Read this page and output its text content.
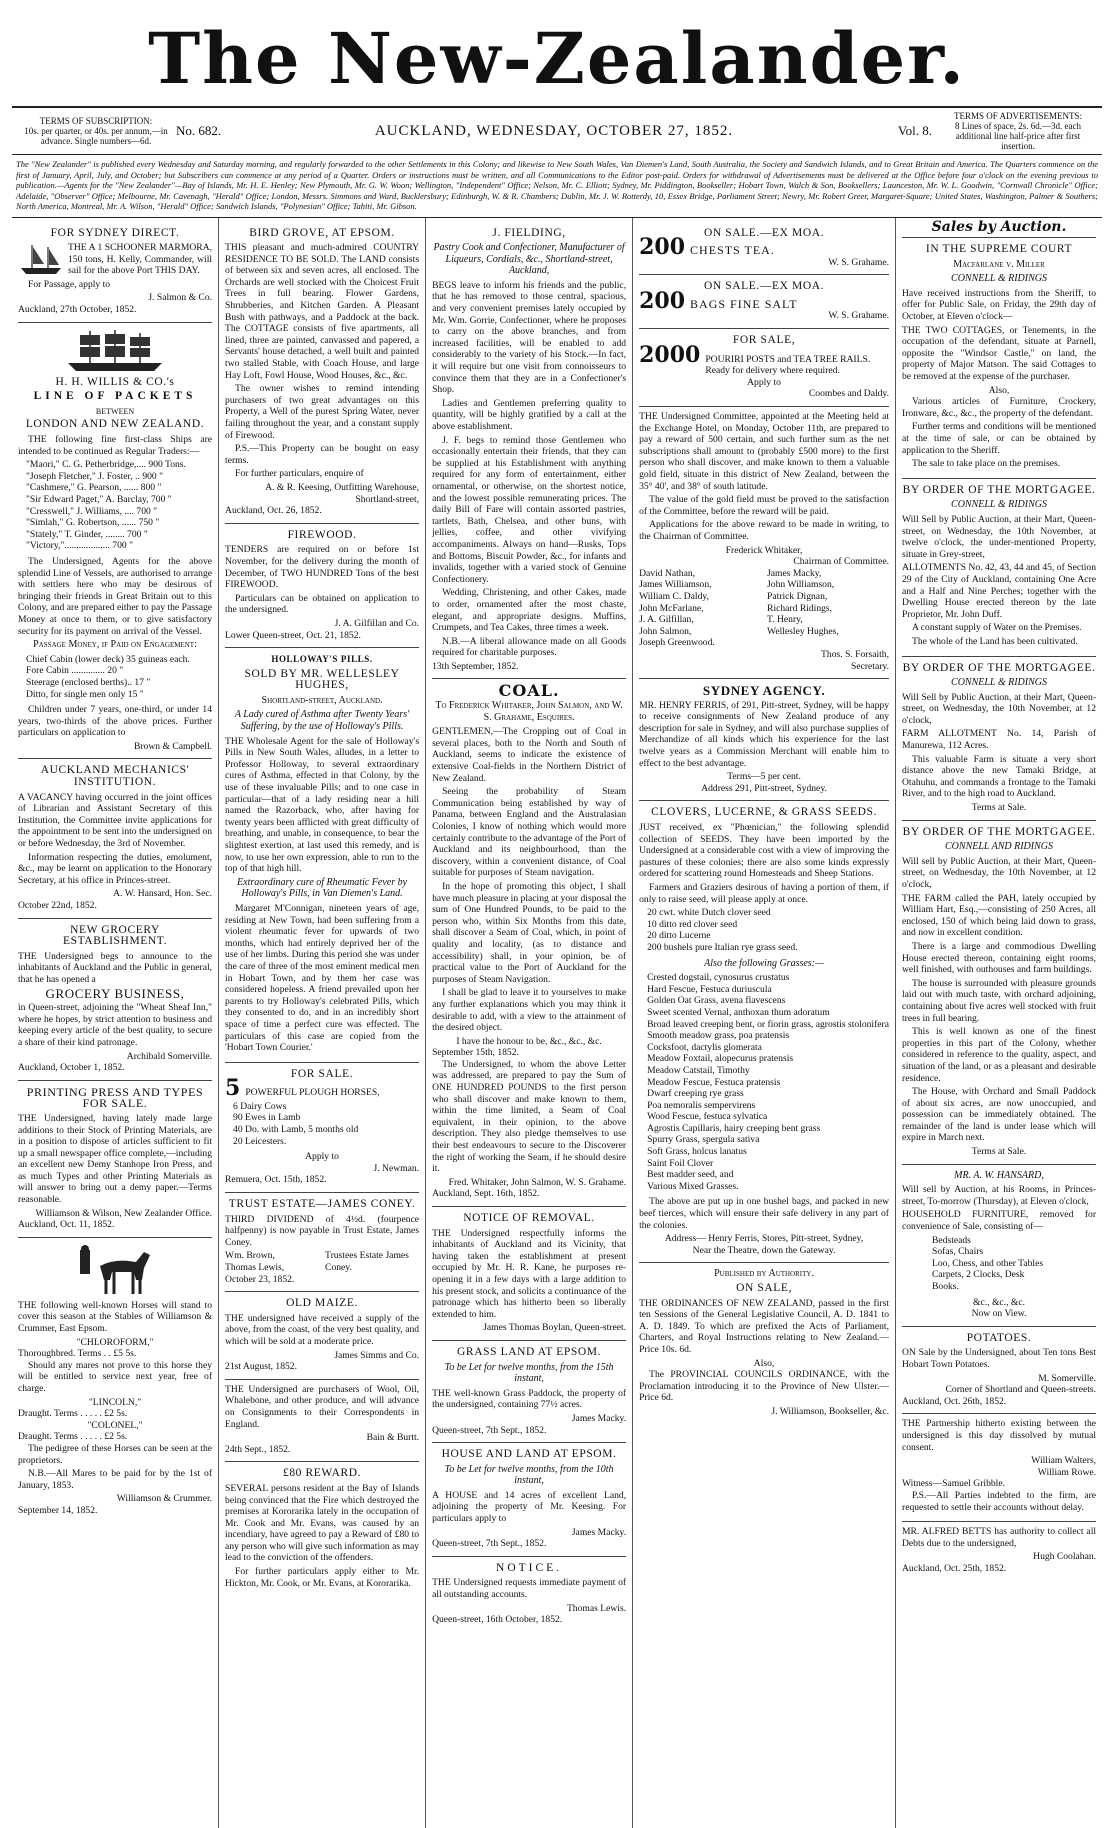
The New-Zealander.
TERMS OF SUBSCRIPTION:
10s. per quarter, or 40s. per annum,—in advance. Single numbers—6d.
No. 682.	AUCKLAND, WEDNESDAY, OCTOBER 27, 1852.	Vol. 8.
TERMS OF ADVERTISEMENTS:
8 Lines of space, 2s. 6d.—3d. each additional line half-price after first insertion.
The "New Zealander" is published every Wednesday and Saturday morning, and regularly forwarded to the other Settlements in this Colony; and likewise to New South Wales, Van Diemen's Land, South Australia, the Society and Sandwich Islands, and to Great Britain and America. The Quarters commence on the first of January, April, July, and October; but Subscribers can commence at any period of a Quarter. Orders or instructions must be written, and all Communications to the Editor post-paid. Orders for withdrawal of Advertisements must be delivered at the Office before four o'clock on the evening previous to publication.—Agents for the "New Zealander"—Bay of Islands, Mr. H. E. Henley; New Plymouth, Mr. G. W. Woon; Wellington, "Independent" Office; Nelson, Mr. C. Elliott; Sydney, Mr. Piddington, Bookseller; Hobart Town, Walch & Son, Booksellers; Launceston, Mr. W. L. Goodwin, "Cornwall Chronicle" Office; Adelaide, "Observer" Office; Melbourne, Mr. Cavenagh, "Herald" Office; London, Messrs. Simmons and Ward, Bucklersbury; Edinburgh, W. & R. Chambers; Dublin, Mr. J. W. Rotterdy, 10, Essex Bridge, Parliament Street; Newry, Mr. Robert Greer, Margaret-Square; United States, Washington, Palmer & Southers; North America, Montreal, Mr. A. Wilson, "Herald" Office; Sandwich Islands, "Polynesian" Office; Tahiti, Mr. Gibson.
FOR SYDNEY DIRECT.

THE A 1 SCHOONER MARMORA, 150 tons, H. Kelly, Commander, will sail for the above Port THIS DAY.

For Passage, apply to

J. Salmon & Co.
Auckland, 27th October, 1852.
H. H. WILLIS & CO.'s
LINE OF PACKETS
BETWEEN
LONDON AND NEW ZEALAND.

THE following fine first-class Ships are intended to be continued as Regular Traders:—

"Maori," C. G. Petherbridge,.... 900 Tons.
"Joseph Fletcher," J. Foster, .. 900 "
"Cashmere," G. Pearson, ...... 800 "
"Sir Edward Paget," A. Barclay, 700 "
"Cresswell," J. Williams, .... 700 "
"Simlah," G. Robertson, ...... 750 "
"Stately," T. Ginder, ........ 700 "
"Victory,"................... 700 "

The Undersigned, Agents for the above splendid Line of Vessels, are authorised to arrange with settlers here who may be desirous of bringing their friends in Great Britain out to this Colony, and are prepared either to pay the Passage Money at once to them, or to give satisfactory security for its payment on arrival of the Vessel.

Passage Money, if Paid on Engagement:
Chief Cabin (lower deck) 35 guineas each.
Fore Cabin .............. 20 "
Steerage (enclosed berths).. 17 "
Ditto, for single men only 15 "

Children under 7 years, one-third, or under 14 years, two-thirds of the above prices. Further particulars on application to

Brown & Campbell.
AUCKLAND MECHANICS' INSTITUTION.

A VACANCY having occurred in the joint offices of Librarian and Assistant Secretary of this Institution, the Committee invite applications for the appointment to be sent into the undersigned on or before Wednesday, the 3rd of November.

Information respecting the duties, emolument, &c., may be learnt on application to the Honorary Secretary, at his office in Princes-street.

A. W. Hansard, Hon. Sec.
October 22nd, 1852.
NEW GROCERY ESTABLISHMENT.

THE Undersigned begs to announce to the inhabitants of Auckland and the Public in general, that he has opened a

GROCERY BUSINESS,

in Queen-street, adjoining the "Wheat Sheaf Inn," where he hopes, by strict attention to business and keeping every article of the best quality, to secure a share of their kind patronage.

Archibald Somerville.
Auckland, October 1, 1852.
PRINTING PRESS AND TYPES FOR SALE.

THE Undersigned, having lately made large additions to their Stock of Printing Materials, are in a position to dispose of articles sufficient to fit up a small newspaper office complete,—including an excellent new Demy Stanhope Iron Press, and as much Types and other Printing Materials as will answer to bring out a demy paper.—Terms reasonable.

Williamson & Wilson, New Zealander Office.
Auckland, Oct. 11, 1852.

THE following well-known Horses will stand to cover this season at the Stables of Williamson & Crummer, East Epsom.

"CHLOROFORM,"
Thoroughbred. Terms . . £5 5s.

Should any mares not prove to this horse they will be entitled to service next year, free of charge.

"LINCOLN,"
Draught. Terms . . . . . £2 5s.
"COLONEL,"
Draught. Terms . . . . . £2 5s.

The pedigree of these Horses can be seen at the proprietors.

N.B.—All Mares to be paid for by the 1st of January, 1853.

Williamson & Crummer.
September 14, 1852.
BIRD GROVE, AT EPSOM.

THIS pleasant and much-admired COUNTRY RESIDENCE TO BE SOLD. The LAND consists of between six and seven acres, all enclosed. The Orchards are well stocked with the Choicest Fruit Trees in full bearing. Flower Gardens, Shrubberies, and Kitchen Garden. A Pleasant Bush with pathways, and a Paddock at the back. The COTTAGE consists of five apartments, all lined, three are painted, canvassed and papered, a Servants' house detached, a well built and painted two stalled Stable, with Coach House, and large Hay Loft, Fowl House, Wood Houses, &c., &c.

The owner wishes to remind intending purchasers of two great advantages on this Property, a Well of the purest Spring Water, never failing throughout the year, and a constant supply of Firewood.

P.S.—This Property can be bought on easy terms.

For further particulars, enquire of

A. & R. Keesing, Outfitting Warehouse, Shortland-street,
Auckland, Oct. 26, 1852.
FIREWOOD.

TENDERS are required on or before 1st November, for the delivery during the month of December, of TWO HUNDRED Tons of the best FIREWOOD.

Particulars can be obtained on application to the undersigned.

J. A. Gilfillan and Co.
Lower Queen-street, Oct. 21, 1852.
HOLLOWAY'S PILLS.
SOLD BY MR. WELLESLEY HUGHES,
Shortland-street, Auckland.
A Lady cured of Asthma after Twenty Years' Suffering, by the use of Holloway's Pills.

THE Wholesale Agent for the sale of Holloway's Pills in New South Wales, alludes, in a letter to Professor Holloway, to several extraordinary cures of Asthma, effected in that Colony, by the use of these invaluable Pills; and to one case in particular—that of a lady residing near a hill named the Razorback, who, after having for twenty years been afflicted with great difficulty of breathing, and unable, in consequence, to bear the slightest exertion, at last used this remedy, and is now, to use her own expression, able to run to the top of that high hill.

Extraordinary cure of Rheumatic Fever by Holloway's Pills, in Van Diemen's Land.

Margaret M'Connigan, nineteen years of age, residing at New Town, had been suffering from a violent rheumatic fever for upwards of two months, which had entirely deprived her of the use of her limbs. During this period she was under the care of three of the most eminent medical men in Hobart Town, and by them her case was considered hopeless. A friend prevailed upon her parents to try Holloway's celebrated Pills, which they consented to do, and in an incredibly short space of time a perfect cure was effected. The particulars of this case are copied from the 'Hobart Town Courier.'

FOR SALE.
5 POWERFUL PLOUGH HORSES,
6 Dairy Cows
90 Ewes in Lamb
40 Do. with Lamb, 5 months old
20 Leicesters.
Apply to
J. Newman.
Remuera, Oct. 15th, 1852.
TRUST ESTATE—JAMES CONEY.

THIRD DIVIDEND of 4½d. (fourpence halfpenny) is now payable in Trust Estate, James Coney.

Wm. Brown,
Thomas Lewis,
Trustees Estate James Coney.
October 23, 1852.
OLD MAIZE.

THE undersigned have received a supply of the above, from the coast, of the very best quality, and which will be sold at a moderate price.

James Simms and Co.
21st August, 1852.

THE Undersigned are purchasers of Wool, Oil, Whalebone, and other produce, and will advance on Consignments to their Correspondents in England.

Bain & Burtt.
24th Sept., 1852.
£80 REWARD.

SEVERAL persons resident at the Bay of Islands being convinced that the Fire which destroyed the premises at Kororarika lately in the occupation of Mr. Cook and Mr. Evans, was caused by an incendiary, have agreed to pay a Reward of £80 to any person who will give such information as may lead to the conviction of the offenders.

For further particulars apply either to Mr. Hickton, Mr. Cook, or Mr. Evans, at Kororarika.

J. FIELDING,
Pastry Cook and Confectioner, Manufacturer of Liqueurs, Cordials, &c., Shortland-street, Auckland,

BEGS leave to inform his friends and the public, that he has removed to those central, spacious, and very convenient premises lately occupied by Mr. Wm. Gorrie, Confectioner, where he proposes to carry on the above branches, and from increased facilities, will be enabled to add considerably to the variety of his Stock.—In fact, it will require but one visit from connoisseurs to convince them that they are in a Confectioner's Shop.

Ladies and Gentlemen preferring quality to quantity, will be highly gratified by a call at the above establishment.

J. F. begs to remind those Gentlemen who occasionally entertain their friends, that they can be supplied at his Establishment with anything required for any form of entertainment, either ornamental, or otherwise, on the shortest notice, and the lowest possible remunerating prices. The daily Bill of Fare will contain assorted pastries, tartlets, Bath, Chelsea, and other buns, with jellies, coffee, and other vivifying accompaniments. Always on hand—Rusks, Tops and Bottoms, Biscuit Powder, &c., for infants and invalids, together with a varied stock of Genuine Confectionery.

Wedding, Christening, and other Cakes, made to order, ornamented after the most chaste, elegant, and appropriate designs. Muffins, Crumpets, and Tea Cakes, three times a week.

N.B.—A liberal allowance made on all Goods required for charitable purposes.

13th September, 1852.
COAL.
To Frederick Whitaker, John Salmon, and W. S. Grahame, Esquires.

GENTLEMEN,—The Cropping out of Coal in several places, both to the North and South of Auckland, seems to indicate the existence of extensive Coal-fields in the Northern District of New Zealand.

Seeing the probability of Steam Communication being established by way of Panama, between England and the Australasian Colonies, I know of nothing which would more certainly contribute to the advantage of the Port of Auckland and its neighbourhood, than the discovery, within a convenient distance, of Coal suitable for purposes of Steam navigation.

In the hope of promoting this object, I shall have much pleasure in placing at your disposal the sum of One Hundred Pounds, to be paid to the person who, within Six Months from this date, shall discover a Seam of Coal, which, in point of quality and locality, (as to distance and accessibility) shall, in your opinion, be of practical value to the Port of Auckland for the purposes of Steam Navigation.

I shall be glad to leave it to yourselves to make any further explanations which you may think it desirable to add, with a view to the attainment of the desired object.

I have the honour to be, &c., &c., &c.
September 15th, 1852.

The Undersigned, to whom the above Letter was addressed, are prepared to pay the Sum of ONE HUNDRED POUNDS to the first person who shall discover and make known to them, within the time limited, a Seam of Coal equivalent, in their opinion, to the above description. They also pledge themselves to use their best endeavours to secure to the Discoverer the right of working the Seam, if he should desire it.

Fred. Whitaker, John Salmon, W. S. Grahame.
Auckland, Sept. 16th, 1852.
NOTICE OF REMOVAL.

THE Undersigned respectfully informs the inhabitants of Auckland and its Vicinity, that having taken the establishment at present occupied by Mr. H. R. Kane, he purposes re-opening it in a few days with a large addition to his present stock, and solicits a continuance of the patronage which has hitherto been so liberally extended to him.

James Thomas Boylan, Queen-street.
GRASS LAND AT EPSOM.
To be Let for twelve months, from the 15th instant,

THE well-known Grass Paddock, the property of the undersigned, containing 77½ acres.

James Macky.
Queen-street, 7th Sept., 1852.
HOUSE AND LAND AT EPSOM.
To be Let for twelve months, from the 10th instant,

A HOUSE and 14 acres of excellent Land, adjoining the property of Mr. Keesing. For particulars apply to

James Macky.
Queen-street, 7th Sept., 1852.
NOTICE.

THE Undersigned requests immediate payment of all outstanding accounts.

Thomas Lewis.
Queen-street, 16th October, 1852.
ON SALE.—EX MOA.
200 CHESTS TEA.
W. S. Grahame.
ON SALE.—EX MOA.
200 BAGS FINE SALT
W. S. Grahame.
FOR SALE,
2000 POURIRI POSTS and TEA TREE RAILS. Ready for delivery where required.
Apply to
Coombes and Daldy.

THE Undersigned Committee, appointed at the Meeting held at the Exchange Hotel, on Monday, October 11th, are prepared to pay a reward of 500 certain, and such further sum as the net subscriptions shall amount to (probably £500 more) to the first person who shall discover, and make known to them a valuable gold field, situate in this district of New Zealand, between the 35° 40', and 38° of south latitude.

The value of the gold field must be proved to the satisfaction of the Committee, before the reward will be paid.

Applications for the above reward to be made in writing, to the Chairman of Committee.

Frederick Whitaker,
Chairman of Committee.
David Nathan,
James Williamson,
William C. Daldy,
John McFarlane,
J. A. Gilfillan,
John Salmon,
Joseph Greenwood.
James Macky,
John Williamson,
Patrick Dignan,
Richard Ridings,
T. Henry,
Wellesley Hughes,
Thos. S. Forsaith,
Secretary.
SYDNEY AGENCY.

MR. HENRY FERRIS, of 291, Pitt-street, Sydney, will be happy to receive consignments of New Zealand produce of any description for sale in Sydney, and will also purchase supplies of Merchandize of all kinds which his experience for the last twelve years as a Commission Merchant will enable him to effect to the best advantage.

Terms—5 per cent.
Address 291, Pitt-street, Sydney.
CLOVERS, LUCERNE, & GRASS SEEDS.

JUST received, ex "Phœnician," the following splendid collection of SEEDS. They have been imported by the Undersigned at a considerable cost with a view of improving the pastures of these colonies; there are also some kinds expressly ordered for scattering round Homesteads and Sheep Stations.

Farmers and Graziers desirous of having a portion of them, if only to raise seed, will please apply at once.

20 cwt. white Dutch clover seed
10 ditto red clover seed
20 ditto Lucerne
200 bushels pure Italian rye grass seed.
Also the following Grasses:—
Crested dogstail, cynosurus crustatus
Hard Fescue, Festuca duriuscula
Golden Oat Grass, avena flavescens
Sweet scented Vernal, anthoxan thum adoratum
Broad leaved creeping bent, or fiorin grass, agrostis stolonifera
Smooth meadow grass, poa pratensis
Cocksfoot, dactylis glomerata
Meadow Foxtail, alopecurus pratensis
Meadow Catstail, Timothy
Meadow Fescue, Festuca pratensis
Dwarf creeping rye grass
Poa nemoralis sempervirens
Wood Fescue, festuca sylvatica
Agrostis Capillaris, hairy creeping bent grass
Spurry Grass, spergula sativa
Soft Grass, holcus lanatus
Saint Foil Clover
Best madder seed, and
Various Mixed Grasses.

The above are put up in one bushel bags, and packed in new beef tierces, which will ensure their safe delivery in any part of the colonies.

Address— Henry Ferris, Stores, Pitt-street, Sydney,
Near the Theatre, down the Gateway.
Published by Authority.
ON SALE,

THE ORDINANCES OF NEW ZEALAND, passed in the first ten Sessions of the General Legislative Council, A. D. 1841 to A. D. 1849. To which are prefixed the Acts of Parliament, Charters, and Royal Instructions relating to New Zealand.—Price 10s. 6d.

Also,

The PROVINCIAL COUNCILS ORDINANCE, with the Proclamation introducing it to the Province of New Ulster.—Price 6d.

J. Williamson, Bookseller, &c.
Sales by Auction.
IN THE SUPREME COURT
Macfarlane v. Miller
CONNELL & RIDINGS

Have received instructions from the Sheriff, to offer for Public Sale, on Friday, the 29th day of October, at Eleven o'clock—

THE TWO COTTAGES, or Tenements, in the occupation of the defendant, situate at Parnell, opposite the "Windsor Castle," on land, the property of Major Matson. The said Cottages to be removed at the expense of the purchaser.

Also,

Various articles of Furniture, Crockery, Ironware, &c., &c., the property of the defendant.

Further terms and conditions will be mentioned at the time of sale, or can be obtained by application to the Sheriff.

The sale to take place on the premises.

BY ORDER OF THE MORTGAGEE.
CONNELL & RIDINGS

Will Sell by Public Auction, at their Mart, Queen-street, on Wednesday, the 10th November, at twelve o'clock, the under-mentioned Property, situate in Grey-street,

ALLOTMENTS No. 42, 43, 44 and 45, of Section 29 of the City of Auckland, containing One Acre and a Half and Nine Perches; together with the Dwelling House erected thereon by the late Proprietor, Mr. John Duff.

A constant supply of Water on the Premises.

The whole of the Land has been cultivated.

BY ORDER OF THE MORTGAGEE.
CONNELL & RIDINGS

Will Sell by Public Auction, at their Mart, Queen-street, on Wednesday, the 10th November, at 12 o'clock,

FARM ALLOTMENT No. 14, Parish of Manurewa, 112 Acres.

This valuable Farm is situate a very short distance above the new Tamaki Bridge, at Otahuhu, and commands a frontage to the Tamaki River, and to the high road to Auckland.

Terms at Sale.
BY ORDER OF THE MORTGAGEE.
CONNELL AND RIDINGS

Will sell by Public Auction, at their Mart, Queen-street, on Wednesday, the 10th November, at 12 o'clock,

THE FARM called the PAH, lately occupied by William Hart, Esq.,—consisting of 250 Acres, all enclosed, 150 of which being laid down to grass, and now in excellent condition.

There is a large and commodious Dwelling House erected thereon, containing eight rooms, well finished, with outhouses and farm buildings.

The house is surrounded with pleasure grounds laid out with much taste, with orchard adjoining, containing about five acres well stocked with fruit trees in full bearing.

This is well known as one of the finest properties in this part of the Colony, whether considered in reference to the quality, aspect, and situation of the land, or as a pleasant and desirable residence.

The House, with Orchard and Small Paddock of about six acres, are now unoccupied, and possession can be immediately obtained. The remainder of the land is under lease which will expire in March next.

Terms at Sale.
MR. A. W. HANSARD,

Will sell by Auction, at his Rooms, in Princes-street, To-morrow (Thursday), at Eleven o'clock,

HOUSEHOLD FURNITURE, removed for convenience of Sale, consisting of—

Bedsteads
Sofas, Chairs
Loo, Chess, and other Tables
Carpets, 2 Clocks, Desk
Books.
&c., &c., &c.
Now on View.
POTATOES.

ON Sale by the Undersigned, about Ten tons Best Hobart Town Potatoes.

M. Somerville.
Corner of Shortland and Queen-streets.
Auckland, Oct. 26th, 1852.

THE Partnership hitherto existing between the undersigned is this day dissolved by mutual consent.

William Walters,
William Rowe.
Witness—Samuel Gribble.

P.S.—All Parties indebted to the firm, are requested to settle their accounts without delay.

MR. ALFRED BETTS has authority to collect all Debts due to the undersigned,

Hugh Coolahan.
Auckland, Oct. 25th, 1852.
